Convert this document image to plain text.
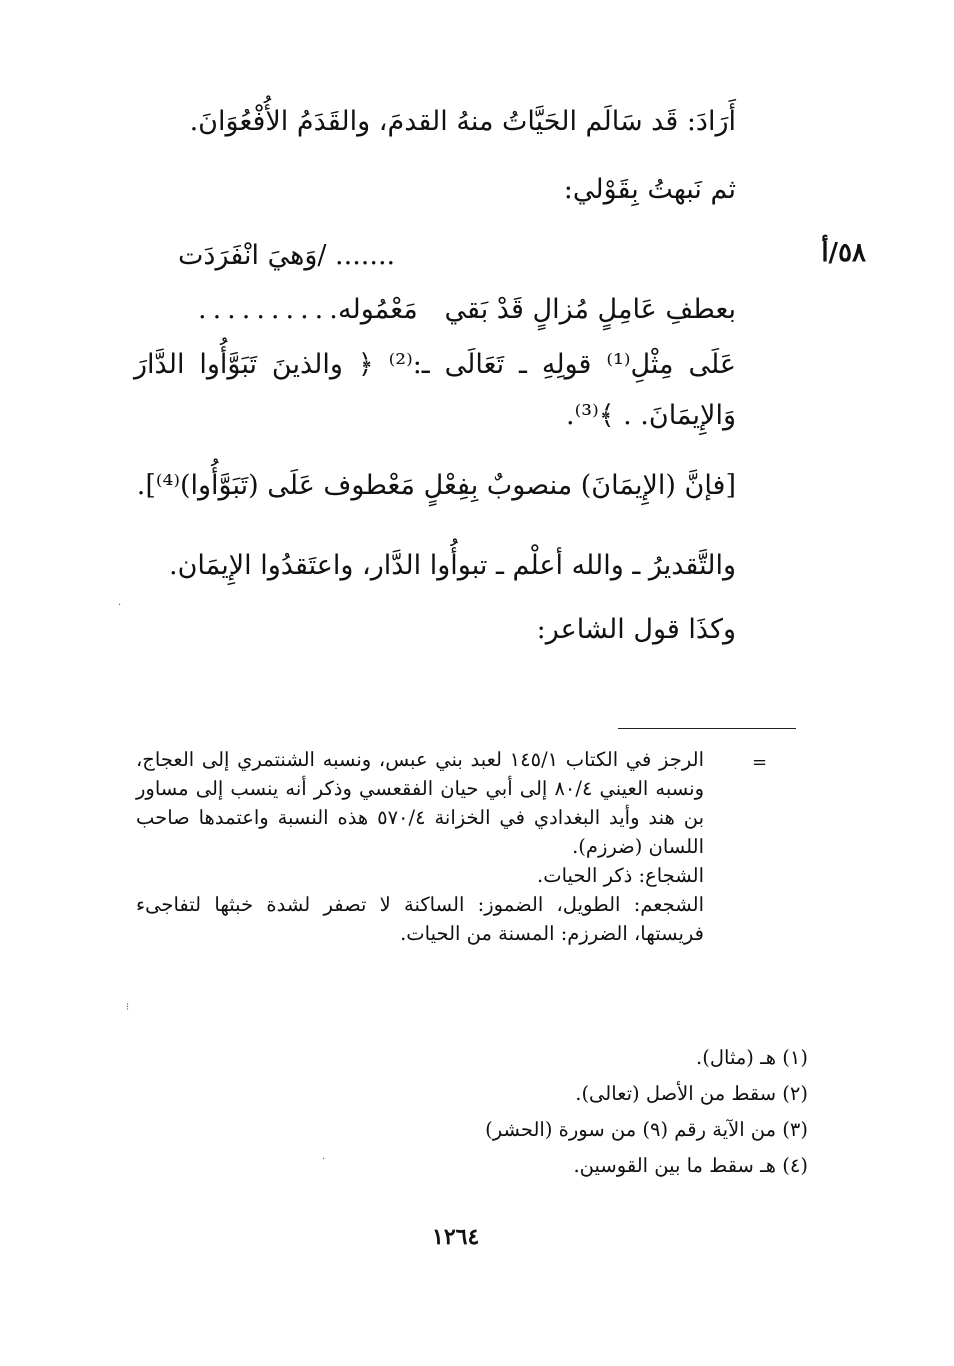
٥٨/أ
أَرَادَ: قَد سَالَم الحَيَّاتُ منهُ القدمَ، والقَدَمُ الأُفْعُوَانَ.
ثم نَبهتُ بِقَوْلي:
....... /وَهيَ انْفَرَدَت
بعطفِ عَامِلٍ مُزالٍ قَدْ بَقي
مَعْمُوله
..........
عَلَى مِثْلِ⁽¹⁾ قولِهِ ـ تَعَالَى ـ:⁽²⁾ ﴿ والذينَ تَبَوَّأُوا الدَّارَ
وَالإِيمَانَ. . ﴾⁽³⁾.
[فإنَّ (الإِيمَانَ) منصوبٌ بِفِعْلٍ مَعْطوف عَلَى (تَبَوَّأُوا)⁽⁴⁾].
والتَّقديرُ ـ والله أعلْم ـ تبوأُوا الدَّار، واعتَقدُوا الإِيمَان.
وكذَا قول الشاعر:
=

الرجز في الكتاب ١٤٥/١ لعبد بني عبس، ونسبه الشنتمري إلى العجاج، ونسبه العيني ٨٠/٤ إلى أبي حيان الفقعسي وذكر أنه ينسب إلى مساور بن هند وأيد البغدادي في الخزانة ٥٧٠/٤ هذه النسبة واعتمدها صاحب اللسان (ضرزم).

الشجاع: ذكر الحيات.

الشجعم: الطويل، الضموز: الساكنة لا تصفر لشدة خبثها لتفاجىء فريستها، الضرزم: المسنة من الحيات.

(١) هـ (مثال).
(٢) سقط من الأصل (تعالى).
(٣) من الآية رقم (٩) من سورة (الحشر)
(٤) هـ سقط ما بين القوسين.
١٢٦٤
⁝
·
·
